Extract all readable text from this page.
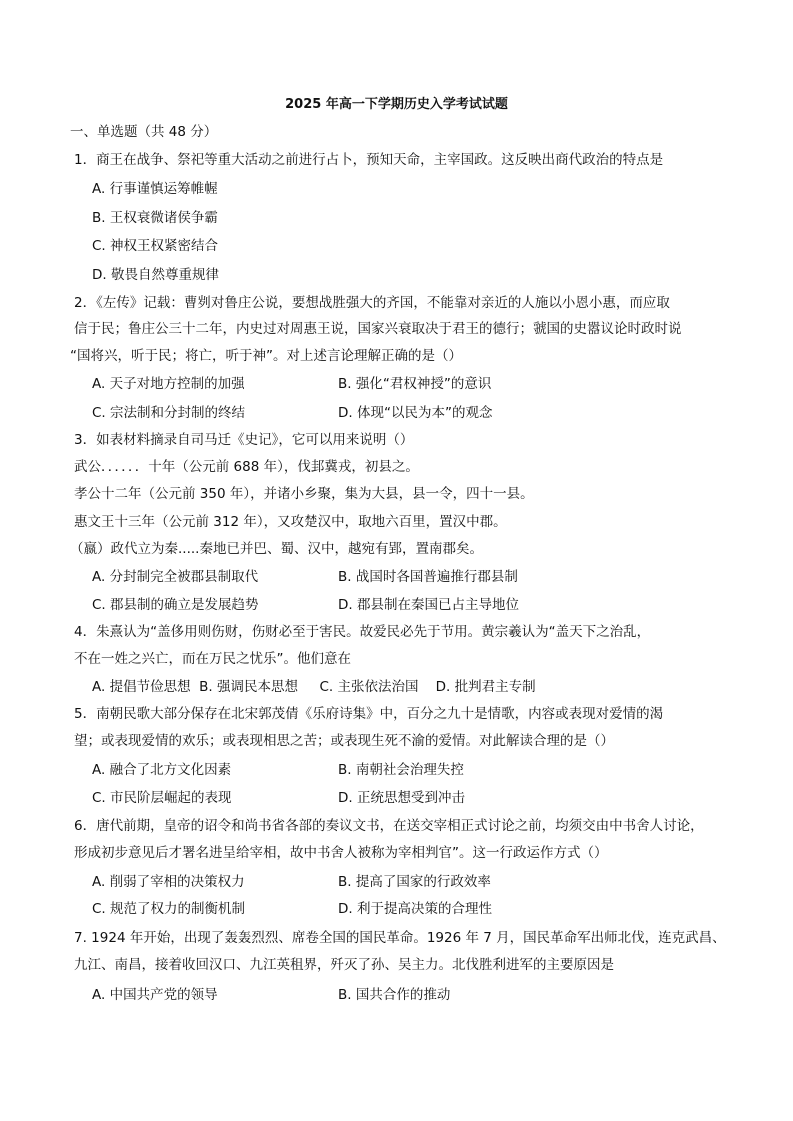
2025 年高一下学期历史入学考试试题
一、单选题（共 48 分）
1．商王在战争、祭祀等重大活动之前进行占卜，预知天命，主宰国政。这反映出商代政治的特点是
A. 行事谨慎运筹帷幄
B. 王权衰微诸侯争霸
C. 神权王权紧密结合
D. 敬畏自然尊重规律
2．《左传》记载：曹刿对鲁庄公说，要想战胜强大的齐国，不能靠对亲近的人施以小恩小惠，而应取
信于民；鲁庄公三十二年，内史过对周惠王说，国家兴衰取决于君王的德行；虢国的史嚣议论时政时说
“国将兴，听于民；将亡，听于神”。对上述言论理解正确的是（）
A. 天子对地方控制的加强	B. 强化“君权神授”的意识
C. 宗法制和分封制的终结	D. 体现“以民为本”的观念
3．如表材料摘录自司马迁《史记》，它可以用来说明（）
武公．．．．．．十年（公元前 688 年），伐邽冀戎，初县之。
孝公十二年（公元前 350 年），并诸小乡聚，集为大县，县一令，四十一县。
惠文王十三年（公元前 312 年），又攻楚汉中，取地六百里，置汉中郡。
（嬴）政代立为秦.....秦地已并巴、蜀、汉中，越宛有郢，置南郡矣。
A. 分封制完全被郡县制取代	B. 战国时各国普遍推行郡县制
C. 郡县制的确立是发展趋势	D. 郡县制在秦国已占主导地位
4．朱熹认为“盖侈用则伤财，伤财必至于害民。故爱民必先于节用。黄宗羲认为“盖天下之治乱，
不在一姓之兴亡，而在万民之忧乐”。他们意在
A. 提倡节俭思想  B. 强调民本思想     C. 主张依法治国    D. 批判君主专制
5．南朝民歌大部分保存在北宋郭茂倩《乐府诗集》中，百分之九十是情歌，内容或表现对爱情的渴
望；或表现爱情的欢乐；或表现相思之苦；或表现生死不渝的爱情。对此解读合理的是（）
A. 融合了北方文化因素	B. 南朝社会治理失控
C. 市民阶层崛起的表现	D. 正统思想受到冲击
6．唐代前期，皇帝的诏令和尚书省各部的奏议文书，在送交宰相正式讨论之前，均须交由中书舍人讨论，
形成初步意见后才署名进呈给宰相，故中书舍人被称为宰相判官”。这一行政运作方式（）
A. 削弱了宰相的决策权力	B. 提高了国家的行政效率
C. 规范了权力的制衡机制	D. 利于提高决策的合理性
7. 1924 年开始，出现了轰轰烈烈、席卷全国的国民革命。1926 年 7 月，国民革命军出师北伐，连克武昌、
九江、南昌，接着收回汉口、九江英租界，歼灭了孙、吴主力。北伐胜利进军的主要原因是
A. 中国共产党的领导	B. 国共合作的推动
